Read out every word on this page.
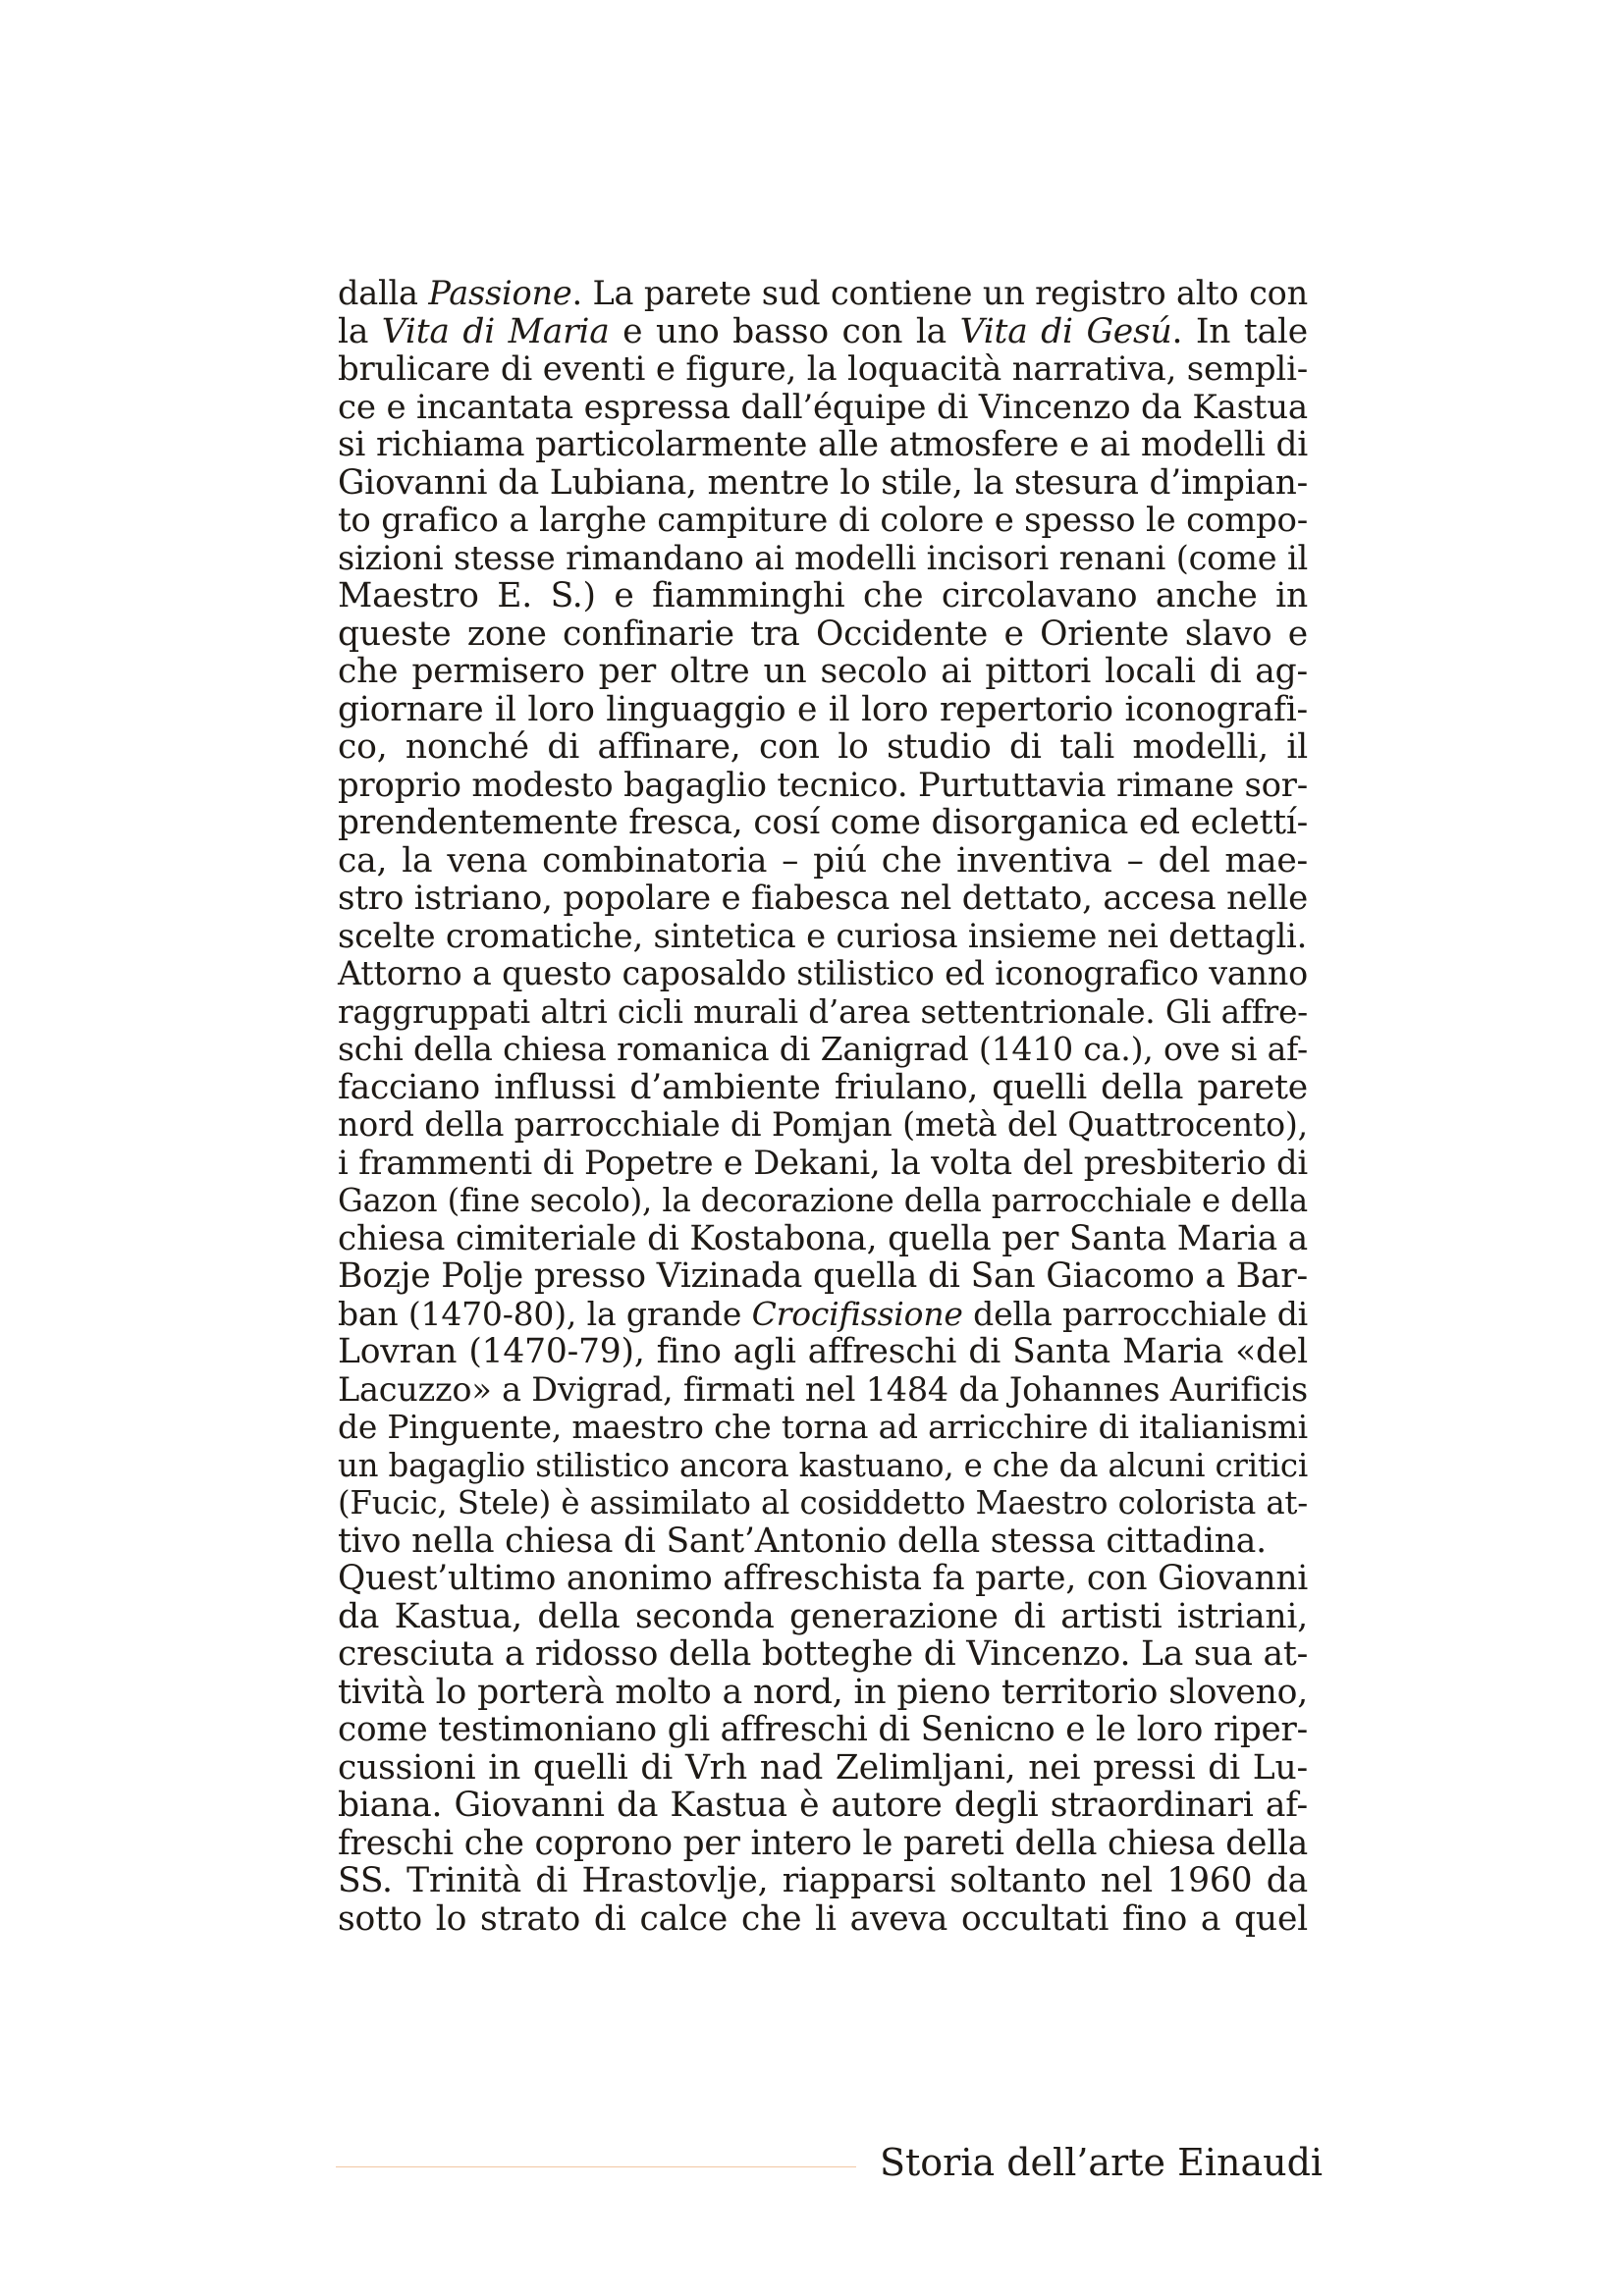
dalla Passione. La parete sud contiene un registro alto con
la Vita di Maria e uno basso con la Vita di Gesú. In tale
brulicare di eventi e figure, la loquacità narrativa, sempli-
ce e incantata espressa dall’équipe di Vincenzo da Kastua
si richiama particolarmente alle atmosfere e ai modelli di
Giovanni da Lubiana, mentre lo stile, la stesura d’impian-
to grafico a larghe campiture di colore e spesso le compo-
sizioni stesse rimandano ai modelli incisori renani (come il
Maestro E. S.) e fiamminghi che circolavano anche in
queste zone confinarie tra Occidente e Oriente slavo e
che permisero per oltre un secolo ai pittori locali di ag-
giornare il loro linguaggio e il loro repertorio iconografi-
co, nonché di affinare, con lo studio di tali modelli, il
proprio modesto bagaglio tecnico. Purtuttavia rimane sor-
prendentemente fresca, cosí come disorganica ed eclettí-
ca, la vena combinatoria – piú che inventiva – del mae-
stro istriano, popolare e fiabesca nel dettato, accesa nelle
scelte cromatiche, sintetica e curiosa insieme nei dettagli.
Attorno a questo caposaldo stilistico ed iconografico vanno
raggruppati altri cicli murali d’area settentrionale. Gli affre-
schi della chiesa romanica di Zanigrad (1410 ca.), ove si af-
facciano influssi d’ambiente friulano, quelli della parete
nord della parrocchiale di Pomjan (metà del Quattrocento),
i frammenti di Popetre e Dekani, la volta del presbiterio di
Gazon (fine secolo), la decorazione della parrocchiale e della
chiesa cimiteriale di Kostabona, quella per Santa Maria a
Bozje Polje presso Vizinada quella di San Giacomo a Bar-
ban (1470-80), la grande Crocifissione della parrocchiale di
Lovran (1470-79), fino agli affreschi di Santa Maria «del
Lacuzzo» a Dvigrad, firmati nel 1484 da Johannes Aurificis
de Pinguente, maestro che torna ad arricchire di italianismi
un bagaglio stilistico ancora kastuano, e che da alcuni critici
(Fucic, Stele) è assimilato al cosiddetto Maestro colorista at-
tivo nella chiesa di Sant’Antonio della stessa cittadina.
Quest’ultimo anonimo affreschista fa parte, con Giovanni
da Kastua, della seconda generazione di artisti istriani,
cresciuta a ridosso della botteghe di Vincenzo. La sua at-
tività lo porterà molto a nord, in pieno territorio sloveno,
come testimoniano gli affreschi di Senicno e le loro riper-
cussioni in quelli di Vrh nad Zelimljani, nei pressi di Lu-
biana. Giovanni da Kastua è autore degli straordinari af-
freschi che coprono per intero le pareti della chiesa della
SS. Trinità di Hrastovlje, riapparsi soltanto nel 1960 da
sotto lo strato di calce che li aveva occultati fino a quel
Storia dell’arte Einaudi
